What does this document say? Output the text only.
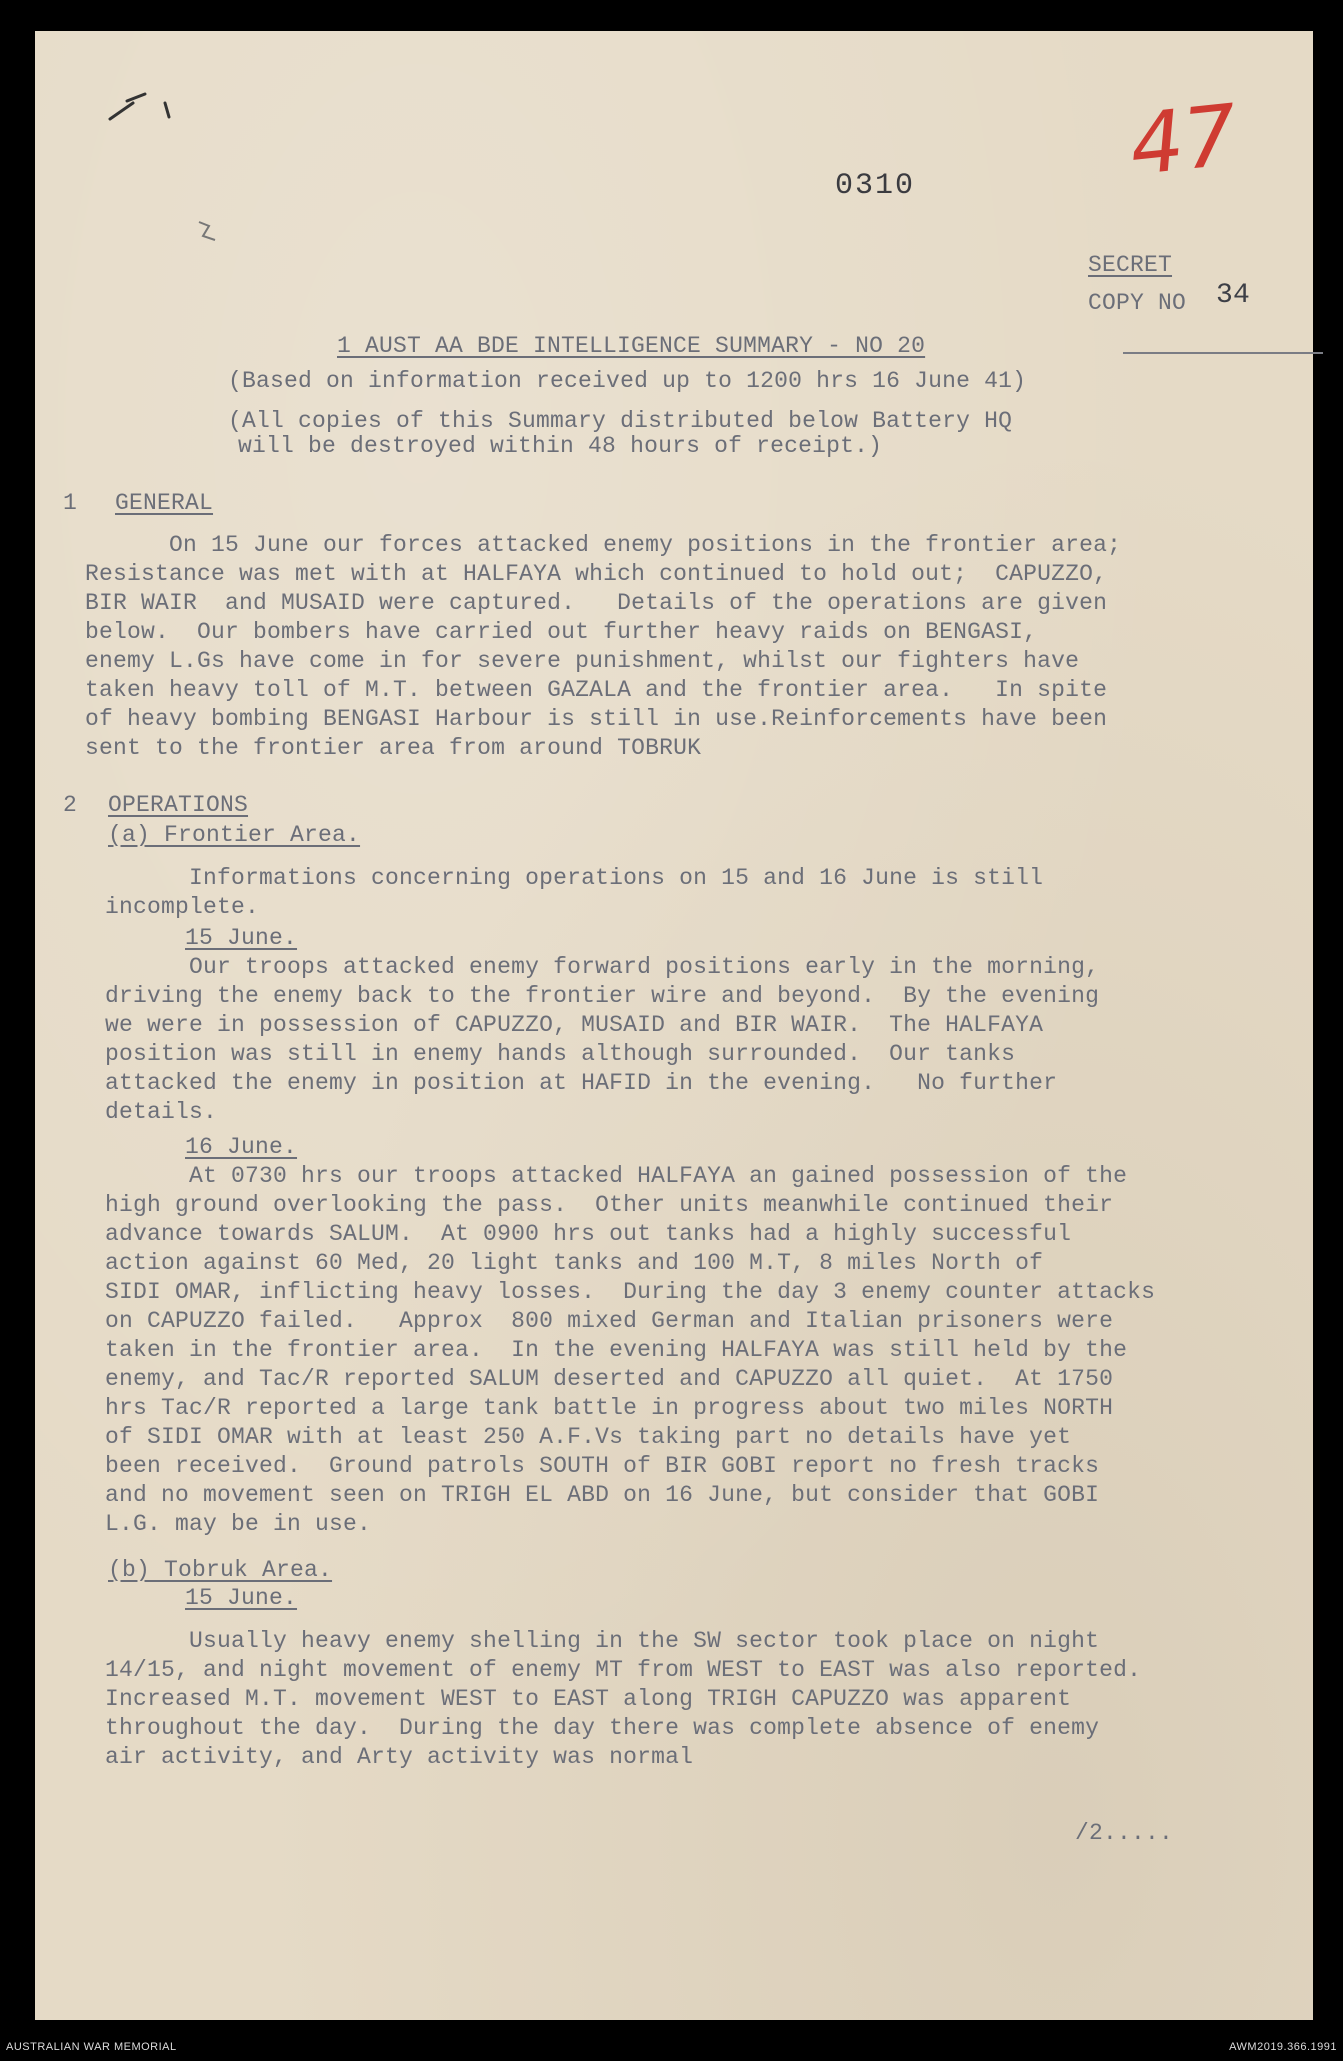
0310	47
SECRET
COPY NO 34
1 AUST AA BDE INTELLIGENCE SUMMARY - NO 20
(Based on information received up to 1200 hrs 16 June 41)
(All copies of this Summary distributed below Battery HQ
will be destroyed within 48 hours of receipt.)
1 GENERAL
On 15 June our forces attacked enemy positions in the frontier area;
Resistance was met with at HALFAYA which continued to hold out;  CAPUZZO,
BIR WAIR  and MUSAID were captured.   Details of the operations are given
below.  Our bombers have carried out further heavy raids on BENGASI,
enemy L.Gs have come in for severe punishment, whilst our fighters have
taken heavy toll of M.T. between GAZALA and the frontier area.   In spite
of heavy bombing BENGASI Harbour is still in use.Reinforcements have been
sent to the frontier area from around TOBRUK
2 OPERATIONS
(a) Frontier Area.
Informations concerning operations on 15 and 16 June is still
incomplete.
15 June.
Our troops attacked enemy forward positions early in the morning,
driving the enemy back to the frontier wire and beyond.  By the evening
we were in possession of CAPUZZO, MUSAID and BIR WAIR.  The HALFAYA
position was still in enemy hands although surrounded.  Our tanks
attacked the enemy in position at HAFID in the evening.   No further
details.
16 June.
At 0730 hrs our troops attacked HALFAYA an gained possession of the
high ground overlooking the pass.  Other units meanwhile continued their
advance towards SALUM.  At 0900 hrs out tanks had a highly successful
action against 60 Med, 20 light tanks and 100 M.T, 8 miles North of
SIDI OMAR, inflicting heavy losses.  During the day 3 enemy counter attacks
on CAPUZZO failed.   Approx  800 mixed German and Italian prisoners were
taken in the frontier area.  In the evening HALFAYA was still held by the
enemy, and Tac/R reported SALUM deserted and CAPUZZO all quiet.  At 1750
hrs Tac/R reported a large tank battle in progress about two miles NORTH
of SIDI OMAR with at least 250 A.F.Vs taking part no details have yet
been received.  Ground patrols SOUTH of BIR GOBI report no fresh tracks
and no movement seen on TRIGH EL ABD on 16 June, but consider that GOBI
L.G. may be in use.
(b) Tobruk Area.
15 June.
Usually heavy enemy shelling in the SW sector took place on night
14/15, and night movement of enemy MT from WEST to EAST was also reported.
Increased M.T. movement WEST to EAST along TRIGH CAPUZZO was apparent
throughout the day.  During the day there was complete absence of enemy
air activity, and Arty activity was normal
/2.....
AUSTRALIAN WAR MEMORIAL	AWM2019.366.1991
